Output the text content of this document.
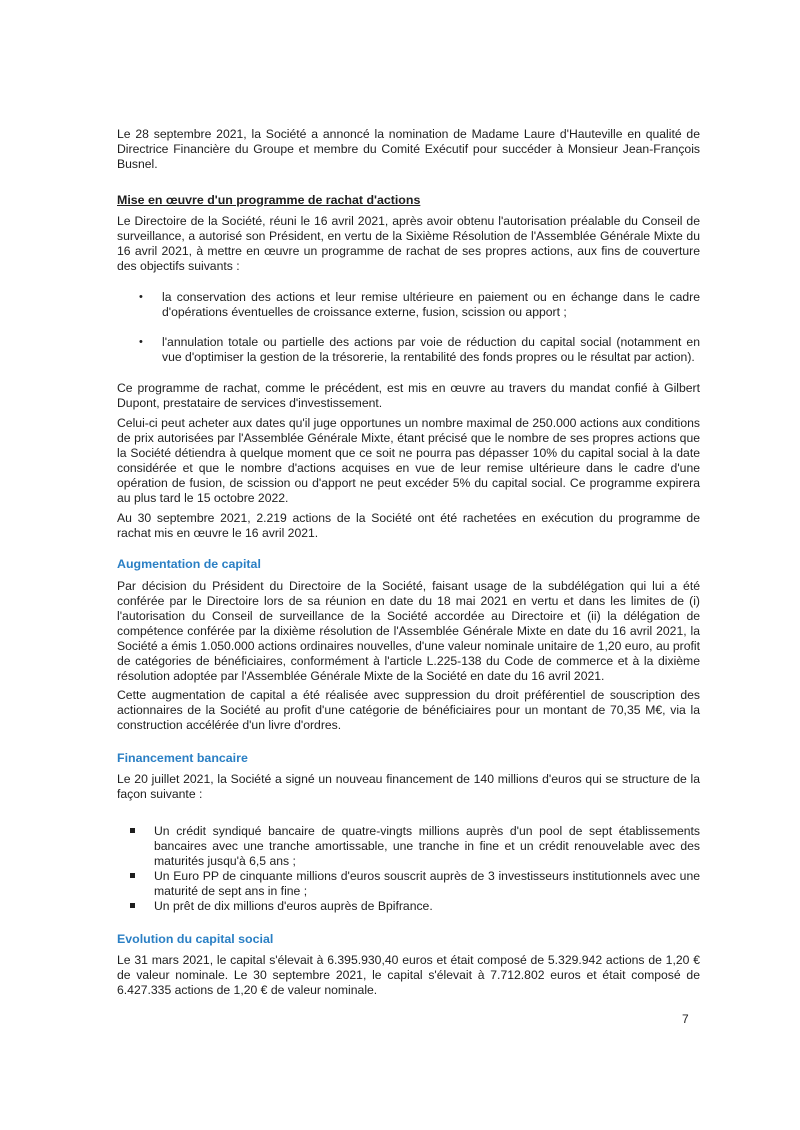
Le 28 septembre 2021, la Société a annoncé la nomination de Madame Laure d'Hauteville en qualité de Directrice Financière du Groupe et membre du Comité Exécutif pour succéder à Monsieur Jean-François Busnel.

Mise en œuvre d'un programme de rachat d'actions

Le Directoire de la Société, réuni le 16 avril 2021, après avoir obtenu l'autorisation préalable du Conseil de surveillance, a autorisé son Président, en vertu de la Sixième Résolution de l'Assemblée Générale Mixte du 16 avril 2021, à mettre en œuvre un programme de rachat de ses propres actions, aux fins de couverture des objectifs suivants :

• la conservation des actions et leur remise ultérieure en paiement ou en échange dans le cadre d'opérations éventuelles de croissance externe, fusion, scission ou apport ;
• l'annulation totale ou partielle des actions par voie de réduction du capital social (notamment en vue d'optimiser la gestion de la trésorerie, la rentabilité des fonds propres ou le résultat par action).

Ce programme de rachat, comme le précédent, est mis en œuvre au travers du mandat confié à Gilbert Dupont, prestataire de services d'investissement.

Celui-ci peut acheter aux dates qu'il juge opportunes un nombre maximal de 250.000 actions aux conditions de prix autorisées par l'Assemblée Générale Mixte, étant précisé que le nombre de ses propres actions que la Société détiendra à quelque moment que ce soit ne pourra pas dépasser 10% du capital social à la date considérée et que le nombre d'actions acquises en vue de leur remise ultérieure dans le cadre d'une opération de fusion, de scission ou d'apport ne peut excéder 5% du capital social. Ce programme expirera au plus tard le 15 octobre 2022.

Au 30 septembre 2021, 2.219 actions de la Société ont été rachetées en exécution du programme de rachat mis en œuvre le 16 avril 2021.

Augmentation de capital

Par décision du Président du Directoire de la Société, faisant usage de la subdélégation qui lui a été conférée par le Directoire lors de sa réunion en date du 18 mai 2021 en vertu et dans les limites de (i) l'autorisation du Conseil de surveillance de la Société accordée au Directoire et (ii) la délégation de compétence conférée par la dixième résolution de l'Assemblée Générale Mixte en date du 16 avril 2021, la Société a émis 1.050.000 actions ordinaires nouvelles, d'une valeur nominale unitaire de 1,20 euro, au profit de catégories de bénéficiaires, conformément à l'article L.225-138 du Code de commerce et à la dixième résolution adoptée par l'Assemblée Générale Mixte de la Société en date du 16 avril 2021.

Cette augmentation de capital a été réalisée avec suppression du droit préférentiel de souscription des actionnaires de la Société au profit d'une catégorie de bénéficiaires pour un montant de 70,35 M€, via la construction accélérée d'un livre d'ordres.

Financement bancaire

Le 20 juillet 2021, la Société a signé un nouveau financement de 140 millions d'euros qui se structure de la façon suivante :

Un crédit syndiqué bancaire de quatre-vingts millions auprès d'un pool de sept établissements bancaires avec une tranche amortissable, une tranche in fine et un crédit renouvelable avec des maturités jusqu'à 6,5 ans ;
Un Euro PP de cinquante millions d'euros souscrit auprès de 3 investisseurs institutionnels avec une maturité de sept ans in fine ;
Un prêt de dix millions d'euros auprès de Bpifrance.
Evolution du capital social

Le 31 mars 2021, le capital s'élevait à 6.395.930,40 euros et était composé de 5.329.942 actions de 1,20 € de valeur nominale. Le 30 septembre 2021, le capital s'élevait à 7.712.802 euros et était composé de 6.427.335 actions de 1,20 € de valeur nominale.

7
